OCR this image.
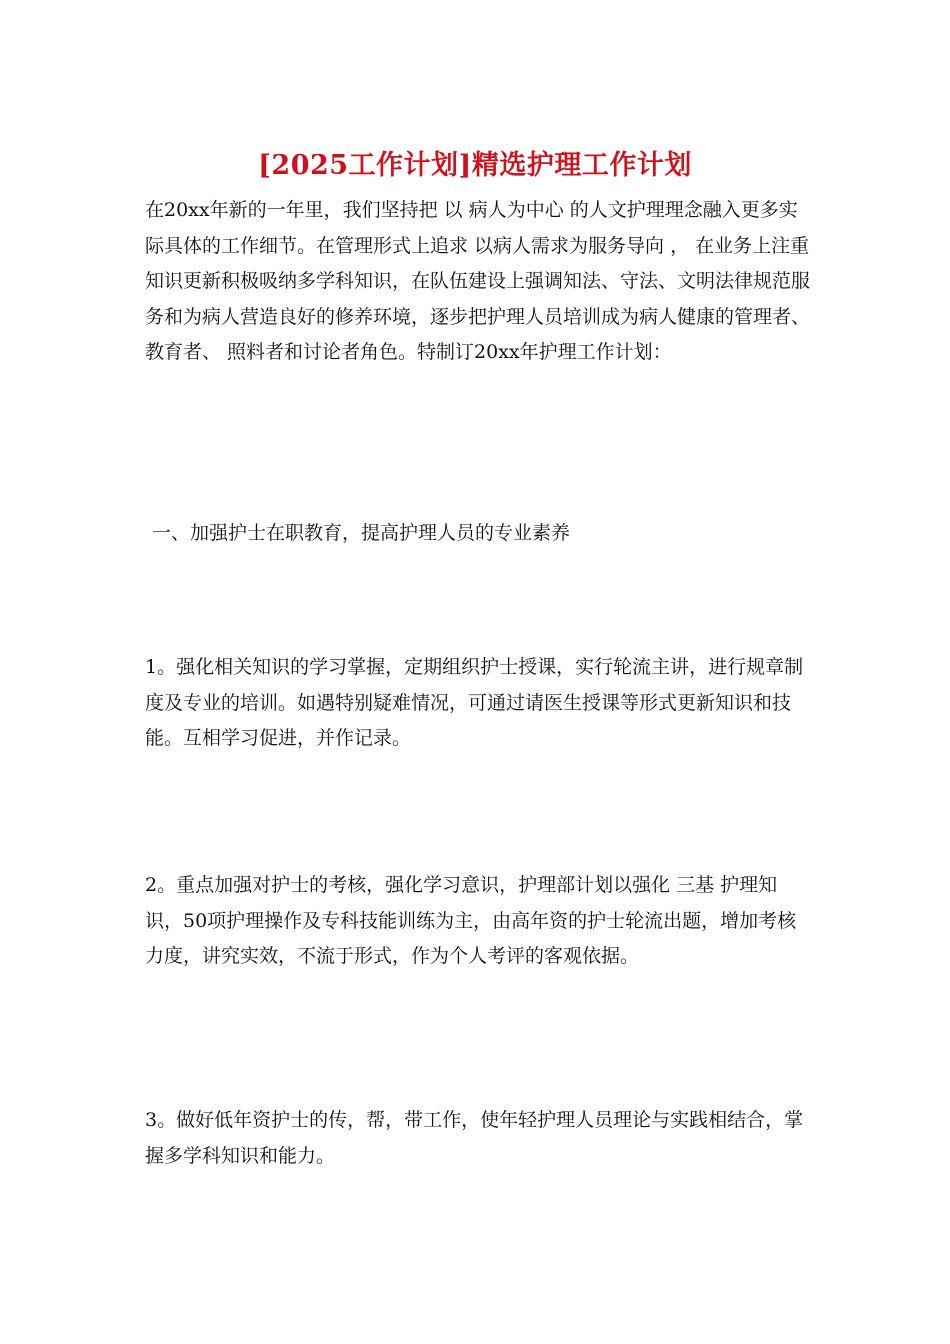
[2025工作计划]精选护理工作计划

在20xx年新的一年里，我们坚持把 以 病人为中心 的人文护理理念融入更多实际具体的工作细节。在管理形式上追求 以病人需求为服务导向 ， 在业务上注重知识更新积极吸纳多学科知识，在队伍建设上强调知法、守法、文明法律规范服务和为病人营造良好的修养环境，逐步把护理人员培训成为病人健康的管理者、教育者、 照料者和讨论者角色。特制订20xx年护理工作计划：

一、加强护士在职教育，提高护理人员的专业素养

1。强化相关知识的学习掌握，定期组织护士授课，实行轮流主讲，进行规章制度及专业的培训。如遇特别疑难情况，可通过请医生授课等形式更新知识和技能。互相学习促进，并作记录。

2。重点加强对护士的考核，强化学习意识，护理部计划以强化 三基 护理知识，50项护理操作及专科技能训练为主，由高年资的护士轮流出题，增加考核力度，讲究实效，不流于形式，作为个人考评的客观依据。

3。做好低年资护士的传，帮，带工作，使年轻护理人员理论与实践相结合，掌握多学科知识和能力。
